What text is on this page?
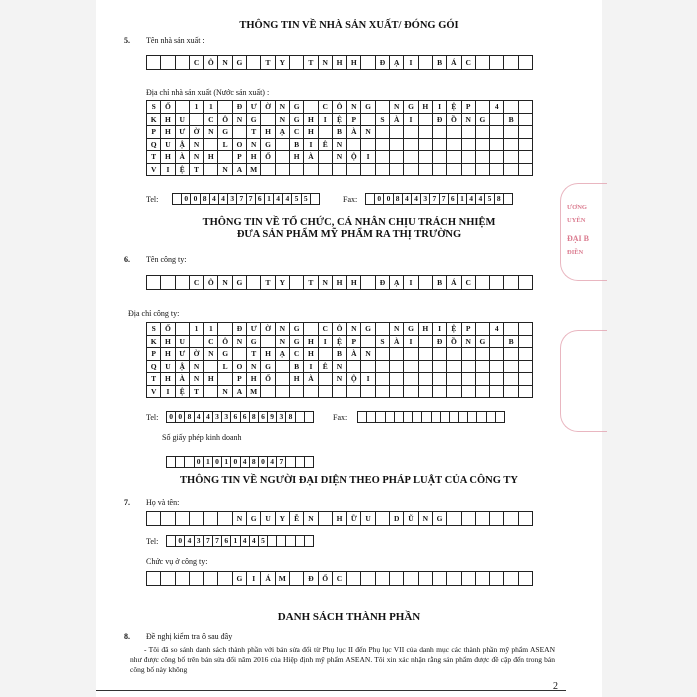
THÔNG TIN VỀ NHÀ SẢN XUẤT/ ĐÓNG GÓI
5. Tên nhà sản xuất :
C	Ô	N	G	T	Y	T	N	H	H	Đ	Ạ	I	B	Á	C
Địa chỉ nhà sản xuất (Nước sản xuất) :
S	Ố	1	1	Đ	Ư	Ờ	N	G	C	Ô	N	G	N	G	H	I	Ệ	P	4
K	H	U	C	Ô	N	G	N	G	H	I	Ệ	P	S	À	I	Đ	Ồ	N	G	B
P	H	Ư	Ờ	N	G	T	H	Ạ	C	H	B	À	N
Q	U	Ậ	N	L	O	N	G	B	I	Ê	N
T	H	À	N	H	P	H	Ố	H	À	N	Ộ	I
V	I	Ệ	T	N	A	M
Tel:	0 0 8 4 4 3 7 7 6 1 4 4 5 5	Fax:	0 0 8 4 4 3 7 7 6 1 4 4 5 8
THÔNG TIN VỀ TỔ CHỨC, CÁ NHÂN CHỊU TRÁCH NHIỆM
ĐƯA SẢN PHẨM MỸ PHẨM RA THỊ TRƯỜNG
6. Tên công ty:
C	Ô	N	G	T	Y	T	N	H	H	Đ	Ạ	I	B	Á	C
Địa chỉ công ty:
S	Ố	1	1	Đ	Ư	Ờ	N	G	C	Ô	N	G	N	G	H	I	Ệ	P	4
K	H	U	C	Ô	N	G	N	G	H	I	Ệ	P	S	À	I	Đ	Ồ	N	G	B
P	H	Ư	Ờ	N	G	T	H	Ạ	C	H	B	À	N
Q	U	Ậ	N	L	O	N	G	B	I	Ê	N
T	H	À	N	H	P	H	Ố	H	À	N	Ộ	I
V	I	Ệ	T	N	A	M
Tel: 0 0 8 4 4 3 3 6 6 8 6 9 3 8	Fax:
Số giấy phép kinh doanh
0 1 0 1 0 4 8 0 4 7
THÔNG TIN VỀ NGƯỜI ĐẠI DIỆN THEO PHÁP LUẬT CỦA CÔNG TY
7. Họ và tên:
N	G	U	Y	Ễ	N	H	Ữ	U	D	Ũ	N	G
Tel:	0 4 3 7 7 6 1 4 4 5
Chức vụ ở công ty:
G	I	Á	M	Đ	Ố	C
DANH SÁCH THÀNH PHẦN
8. Đề nghị kiểm tra ô sau đây
- Tôi đã so sánh danh sách thành phần với bản sửa đổi từ Phụ lục II đến Phụ lục VII của danh mục các thành phần mỹ phẩm ASEAN như được công bố trên bản sửa đổi năm 2016 của Hiệp định mỹ phẩm ASEAN. Tôi xin xác nhận rằng sản phẩm được đề cập đến trong bản công bố này không
2
ƯƠNG
UYÊN
ĐẠI B
ĐIỀN
